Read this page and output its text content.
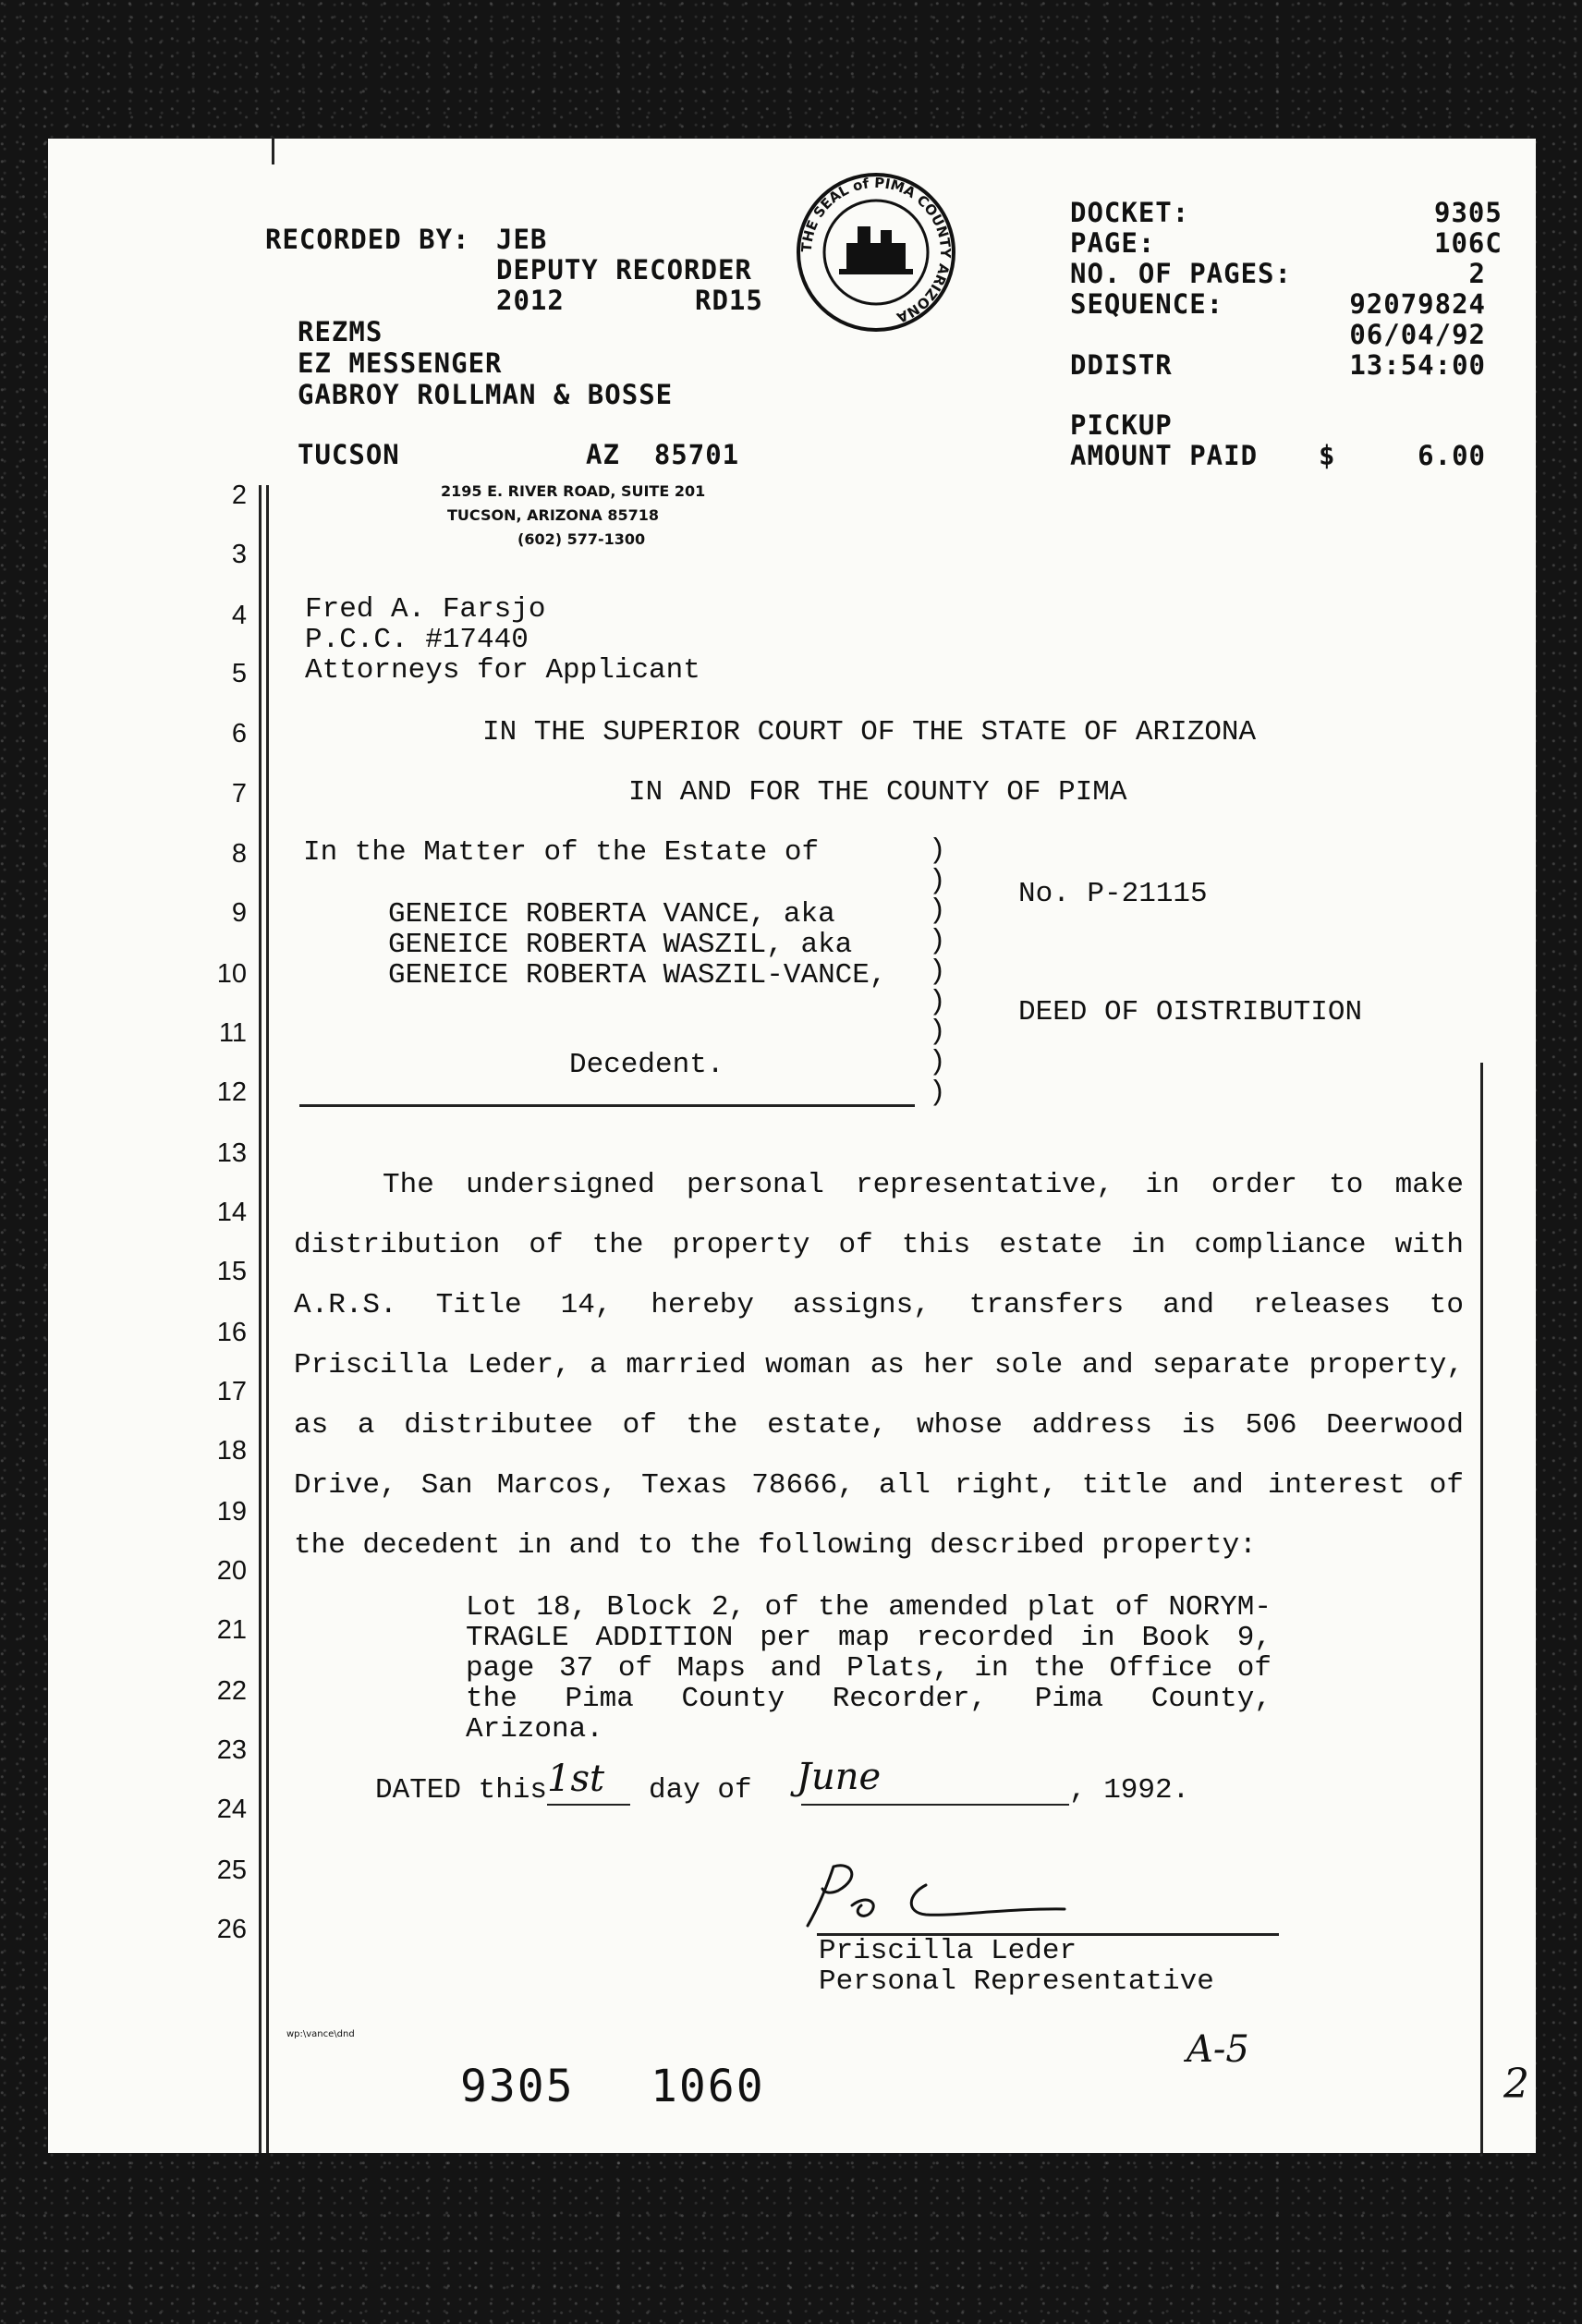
RECORDED BY: JEB
DEPUTY RECORDER
2012	RD15
REZMS
EZ MESSENGER
GABROY ROLLMAN & BOSSE
TUCSON	AZ  85701
THE SEAL of PIMA COUNTY ARIZONA
DOCKET:	9305
PAGE:	106C
NO. OF PAGES:	2
SEQUENCE:	92079824
06/04/92
DDISTR	13:54:00
PICKUP
AMOUNT PAID $	6.00
2
3
4
5
6
7
8
9
10
11
12
13
14
15
16
17
18
19
20
21
22
23
24
25
26
2195 E. RIVER ROAD, SUITE 201
TUCSON, ARIZONA 85718
(602) 577-1300
Fred A. Farsjo
P.C.C. #17440
Attorneys for Applicant
IN THE SUPERIOR COURT OF THE STATE OF ARIZONA
IN AND FOR THE COUNTY OF PIMA
In the Matter of the Estate of
GENEICE ROBERTA VANCE, aka
GENEICE ROBERTA WASZIL, aka
GENEICE ROBERTA WASZIL-VANCE,
Decedent.
)
)
)
)
)
)
)
)
)
No. P-21115
DEED OF OISTRIBUTION
The undersigned personal representative, in order to make
distribution of the property of this estate in compliance with
A.R.S. Title 14, hereby assigns, transfers and releases to
Priscilla Leder, a married woman as her sole and separate property,
as a distributee of the estate, whose address is 506 Deerwood
Drive, San Marcos, Texas 78666, all right, title and interest of
the decedent in and to the following described property:
Lot 18, Block 2, of the amended plat of NORYM-
TRAGLE ADDITION per map recorded in Book 9,
page 37 of Maps and Plats, in the Office of
the Pima County Recorder, Pima County,
Arizona.
DATED this 1st day of June	, 1992.
Priscilla Leder
Personal Representative
wp:\vance\dnd
9305 1060
A-5
2
